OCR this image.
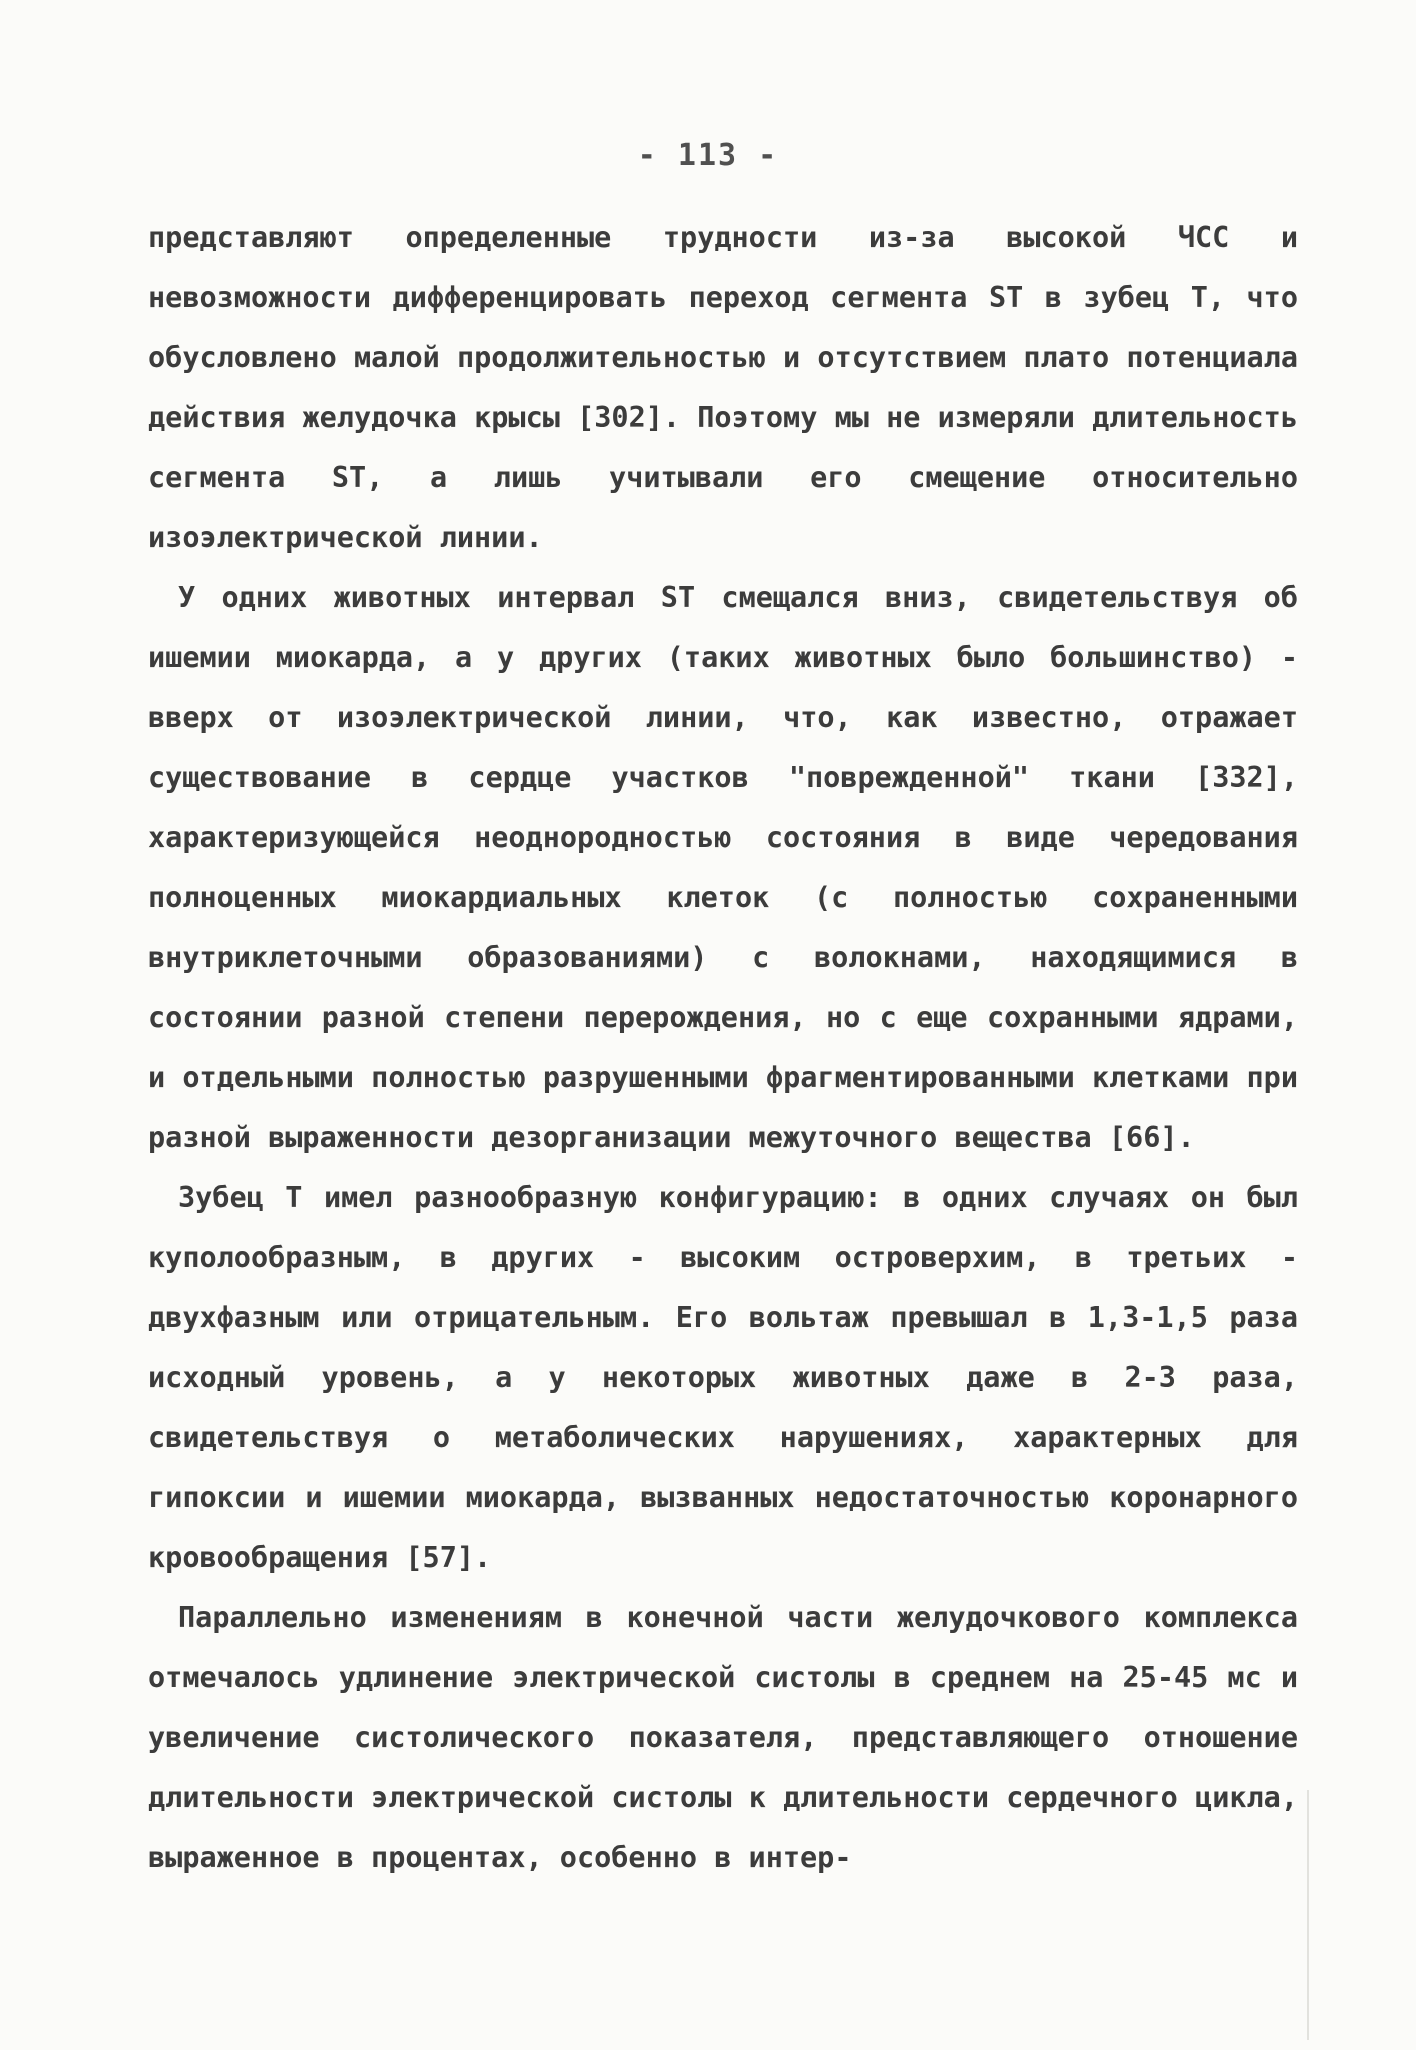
- 113 -

представляют определенные трудности из-за высокой ЧСС и невозможности дифференцировать переход сегмента ST в зубец Т, что обусловлено малой продолжительностью и отсутствием плато потенциала действия желудочка крысы [302]. Поэтому мы не измеряли длительность сегмента ST, а лишь учитывали его смещение относительно изоэлектрической линии.

У одних животных интервал ST смещался вниз, свидетельствуя об ишемии миокарда, а у других (таких животных было большинство) - вверх от изоэлектрической линии, что, как известно, отражает существование в сердце участков "поврежденной" ткани [332], характеризующейся неоднородностью состояния в виде чередования полноценных миокардиальных клеток (с полностью сохраненными внутриклеточными образованиями) с волокнами, находящимися в состоянии разной степени перерождения, но с еще сохранными ядрами, и отдельными полностью разрушенными фрагментированными клетками при разной выраженности дезорганизации межуточного вещества [66].

Зубец Т имел разнообразную конфигурацию: в одних случаях он был куполообразным, в других - высоким островерхим, в третьих - двухфазным или отрицательным. Его вольтаж превышал в 1,3-1,5 раза исходный уровень, а у некоторых животных даже в 2-3 раза, свидетельствуя о метаболических нарушениях, характерных для гипоксии и ишемии миокарда, вызванных недостаточностью коронарного кровообращения [57].

Параллельно изменениям в конечной части желудочкового комплекса отмечалось удлинение электрической систолы в среднем на 25-45 мс и увеличение систолического показателя, представляющего отношение длительности электрической систолы к длительности сердечного цикла, выраженное в процентах, особенно в интер-
